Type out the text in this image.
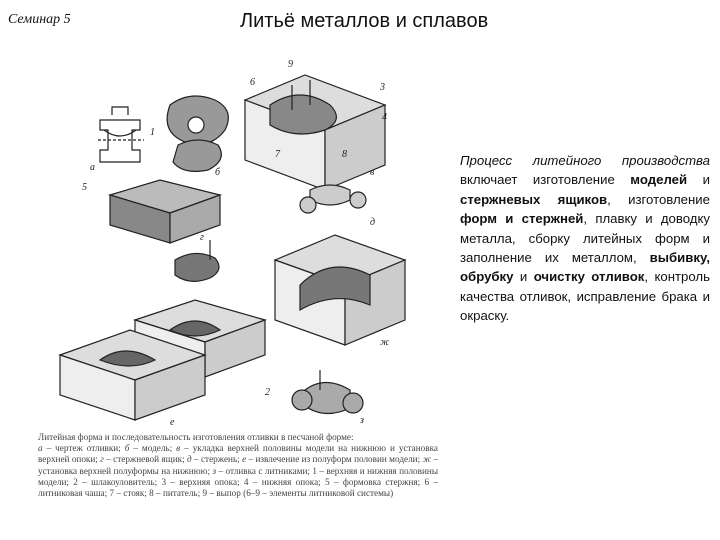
Семинар 5	Литьё металлов и сплавов
а	б	в
г
д
е
ж
з
1
2
3
4
5
6
7	8
9
Процесс литейного производства включает изготовление моделей и стержневых ящиков, изготовление форм и стержней, плавку и доводку металла, сборку литейных форм и заполнение их металлом, выбивку, обрубку и очистку отливок, контроль качества отливок, исправление брака и окраску.
Литейная форма и последовательность изготовления отливки в песчаной форме:
а – чертеж отливки; б – модель; в – укладка верхней половины модели на нижнюю и установка верхней опоки; г – стержневой ящик; д – стержень; е – извлечение из полуформ половин модели; ж – установка верхней полуформы на нижнюю; з – отливка с литниками; 1 – верхняя и нижняя половины модели; 2 – шлакоуловитель; 3 – верхняя опока; 4 – нижняя опока; 5 – формовка стержня; 6 – литниковая чаша; 7 – стояк; 8 – питатель; 9 – выпор (6–9 – элементы литниковой системы)
